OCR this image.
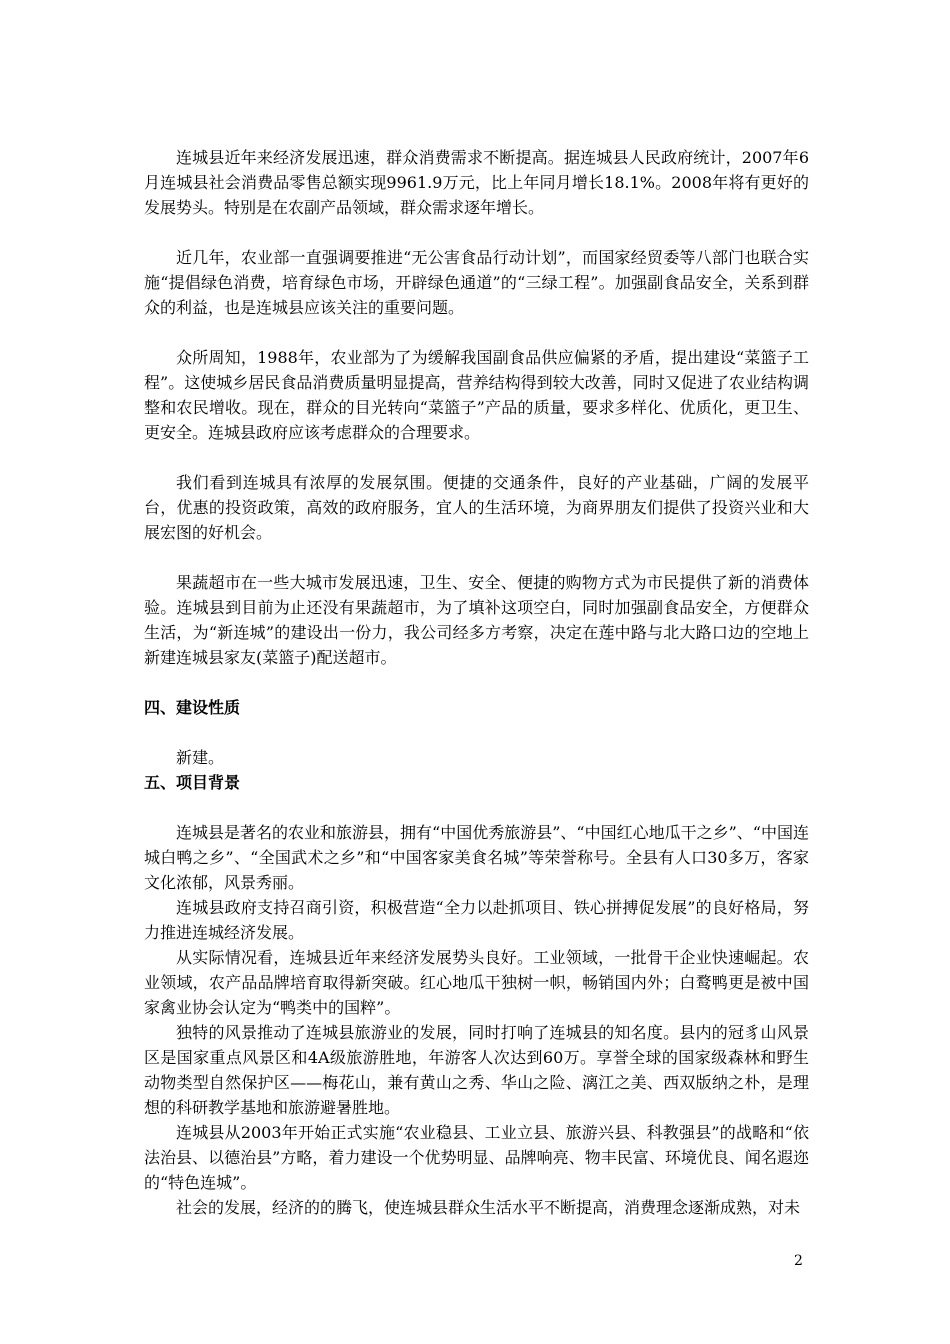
连城县近年来经济发展迅速，群众消费需求不断提高。据连城县人民政府统计，2007年6月连城县社会消费品零售总额实现9961.9万元，比上年同月增长18.1%。2008年将有更好的发展势头。特别是在农副产品领域，群众需求逐年增长。

近几年，农业部一直强调要推进“无公害食品行动计划”，而国家经贸委等八部门也联合实施“提倡绿色消费，培育绿色市场，开辟绿色通道”的“三绿工程”。加强副食品安全，关系到群众的利益，也是连城县应该关注的重要问题。

众所周知，1988年，农业部为了为缓解我国副食品供应偏紧的矛盾，提出建设“菜篮子工程”。这使城乡居民食品消费质量明显提高，营养结构得到较大改善，同时又促进了农业结构调整和农民增收。现在，群众的目光转向“菜篮子”产品的质量，要求多样化、优质化，更卫生、更安全。连城县政府应该考虑群众的合理要求。

我们看到连城具有浓厚的发展氛围。便捷的交通条件，良好的产业基础，广阔的发展平台，优惠的投资政策，高效的政府服务，宜人的生活环境，为商界朋友们提供了投资兴业和大展宏图的好机会。

果蔬超市在一些大城市发展迅速，卫生、安全、便捷的购物方式为市民提供了新的消费体验。连城县到目前为止还没有果蔬超市，为了填补这项空白，同时加强副食品安全，方便群众生活，为“新连城”的建设出一份力，我公司经多方考察，决定在莲中路与北大路口边的空地上新建连城县家友(菜篮子)配送超市。

四、建设性质

新建。

五、项目背景

连城县是著名的农业和旅游县，拥有“中国优秀旅游县”、“中国红心地瓜干之乡”、“中国连城白鸭之乡”、“全国武术之乡”和“中国客家美食名城”等荣誉称号。全县有人口30多万，客家文化浓郁，风景秀丽。

连城县政府支持召商引资，积极营造“全力以赴抓项目、铁心拼搏促发展”的良好格局，努力推进连城经济发展。

从实际情况看，连城县近年来经济发展势头良好。工业领域，一批骨干企业快速崛起。农业领域，农产品品牌培育取得新突破。红心地瓜干独树一帜，畅销国内外；白鹜鸭更是被中国家禽业协会认定为“鸭类中的国粹”。

独特的风景推动了连城县旅游业的发展，同时打响了连城县的知名度。县内的冠豸山风景区是国家重点风景区和4A级旅游胜地，年游客人次达到60万。享誉全球的国家级森林和野生动物类型自然保护区——梅花山，兼有黄山之秀、华山之险、漓江之美、西双版纳之朴，是理想的科研教学基地和旅游避暑胜地。

连城县从2003年开始正式实施“农业稳县、工业立县、旅游兴县、科教强县”的战略和“依法治县、以德治县”方略，着力建设一个优势明显、品牌响亮、物丰民富、环境优良、闻名遐迩的“特色连城”。

社会的发展，经济的的腾飞，使连城县群众生活水平不断提高，消费理念逐渐成熟，对未

2
